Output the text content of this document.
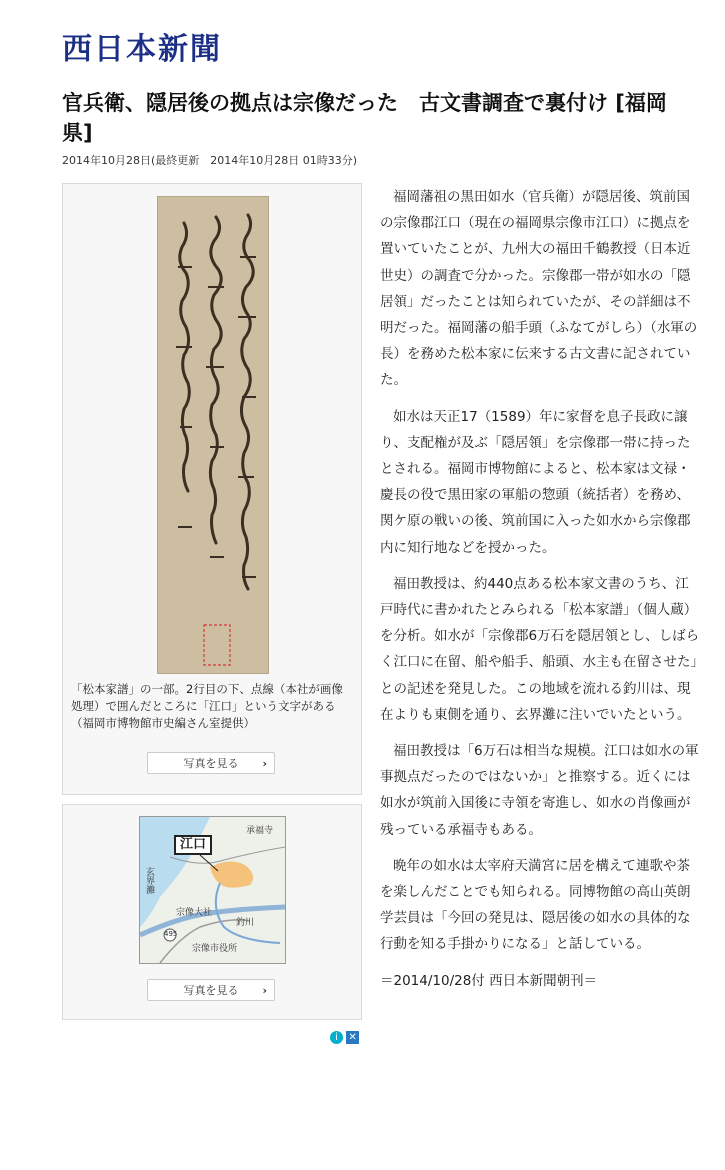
西日本新聞
官兵衛、隠居後の拠点は宗像だった　古文書調査で裏付け [福岡県]
2014年10月28日(最終更新　2014年10月28日 01時33分)
「松本家譜」の一部。2行目の下、点線（本社が画像処理）で囲んだところに「江口」という文字がある（福岡市博物館市史編さん室提供）
写真を見る ›
江口
承福寺
玄界灘
宗像大社
釣川
宗像市役所
495
写真を見る ›
i ✕

福岡藩祖の黒田如水（官兵衛）が隠居後、筑前国の宗像郡江口（現在の福岡県宗像市江口）に拠点を置いていたことが、九州大の福田千鶴教授（日本近世史）の調査で分かった。宗像郡一帯が如水の「隠居領」だったことは知られていたが、その詳細は不明だった。福岡藩の船手頭（ふなてがしら）（水軍の長）を務めた松本家に伝来する古文書に記されていた。

如水は天正17（1589）年に家督を息子長政に譲り、支配権が及ぶ「隠居領」を宗像郡一帯に持ったとされる。福岡市博物館によると、松本家は文禄・慶長の役で黒田家の軍船の惣頭（統括者）を務め、関ケ原の戦いの後、筑前国に入った如水から宗像郡内に知行地などを授かった。

福田教授は、約440点ある松本家文書のうち、江戸時代に書かれたとみられる「松本家譜」（個人蔵）を分析。如水が「宗像郡6万石を隠居領とし、しばらく江口に在留、船や船手、船頭、水主も在留させた」との記述を発見した。この地域を流れる釣川は、現在よりも東側を通り、玄界灘に注いでいたという。

福田教授は「6万石は相当な規模。江口は如水の軍事拠点だったのではないか」と推察する。近くには如水が筑前入国後に寺領を寄進し、如水の肖像画が残っている承福寺もある。

晩年の如水は太宰府天満宮に居を構えて連歌や茶を楽しんだことでも知られる。同博物館の高山英朗学芸員は「今回の発見は、隠居後の如水の具体的な行動を知る手掛かりになる」と話している。

＝2014/10/28付 西日本新聞朝刊＝
